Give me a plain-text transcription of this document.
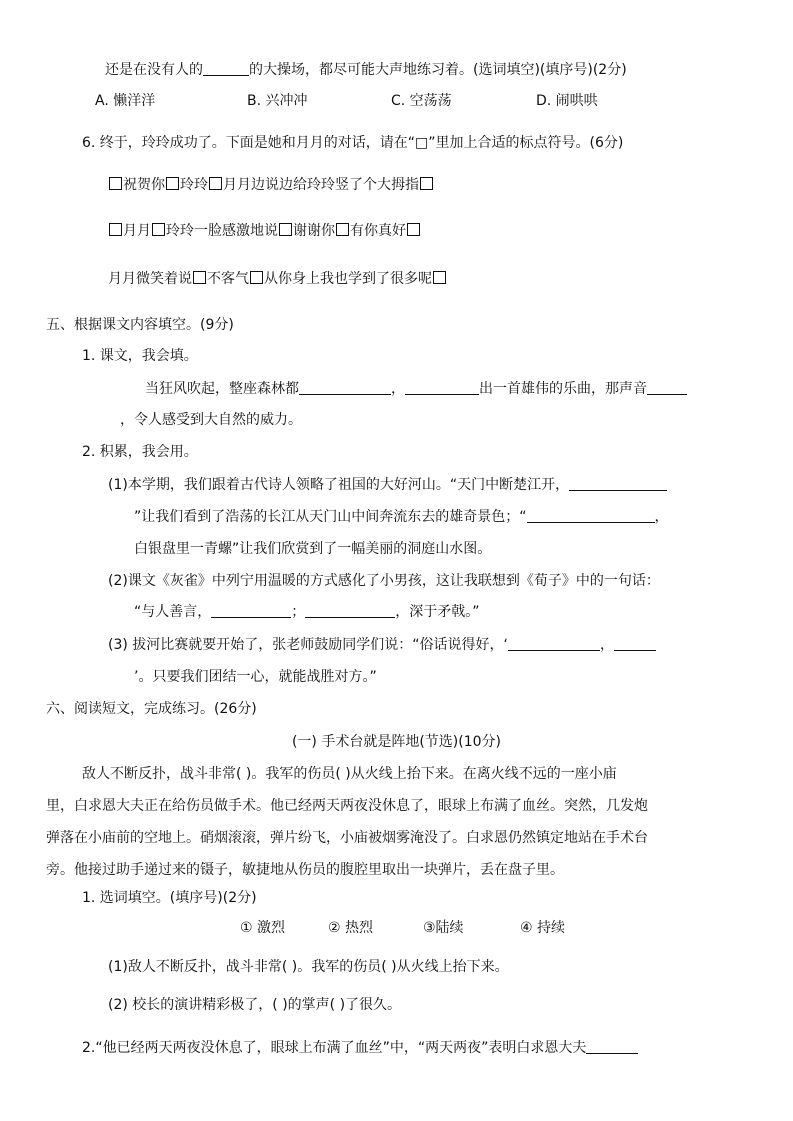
还是在没有人的	的大操场，都尽可能大声地练习着。(选词填空)(填序号)(2分)
A. 懒洋洋	B. 兴冲冲	C. 空荡荡	D. 闹哄哄
6. 终于，玲玲成功了。下面是她和月月的对话，请在“□”里加上合适的标点符号。(6分)
祝贺你 玲玲 月月边说边给玲玲竖了个大拇指
月月 玲玲一脸感激地说 谢谢你 有你真好
月月微笑着说 不客气 从你身上我也学到了很多呢
五、根据课文内容填空。(9分)
1. 课文，我会填。
当狂风吹起，整座森林都	，	出一首雄伟的乐曲，那声音
，令人感受到大自然的威力。
2. 积累，我会用。
(1)本学期，我们跟着古代诗人领略了祖国的大好河山。“天门中断楚江开，
”让我们看到了浩荡的长江从天门山中间奔流东去的雄奇景色；“	，
白银盘里一青螺”让我们欣赏到了一幅美丽的洞庭山水图。
(2)课文《灰雀》中列宁用温暖的方式感化了小男孩，这让我联想到《荀子》中的一句话：
“与人善言，	；	，深于矛戟。”
(3) 拔河比赛就要开始了，张老师鼓励同学们说：“俗话说得好，‘	，
’。只要我们团结一心，就能战胜对方。”
六、阅读短文，完成练习。(26分)
(一) 手术台就是阵地(节选)(10分)
敌人不断反扑，战斗非常( )。我军的伤员( )从火线上抬下来。在离火线不远的一座小庙
里，白求恩大夫正在给伤员做手术。他已经两天两夜没休息了，眼球上布满了血丝。突然，几发炮
弹落在小庙前的空地上。硝烟滚滚，弹片纷飞，小庙被烟雾淹没了。白求恩仍然镇定地站在手术台
旁。他接过助手递过来的镊子，敏捷地从伤员的腹腔里取出一块弹片，丢在盘子里。
1. 选词填空。(填序号)(2分)
① 激烈	② 热烈	③陆续	④ 持续
(1)敌人不断反扑，战斗非常( )。我军的伤员( )从火线上抬下来。
(2) 校长的演讲精彩极了，( )的掌声( )了很久。
2.“他已经两天两夜没休息了，眼球上布满了血丝”中，“两天两夜”表明白求恩大夫
